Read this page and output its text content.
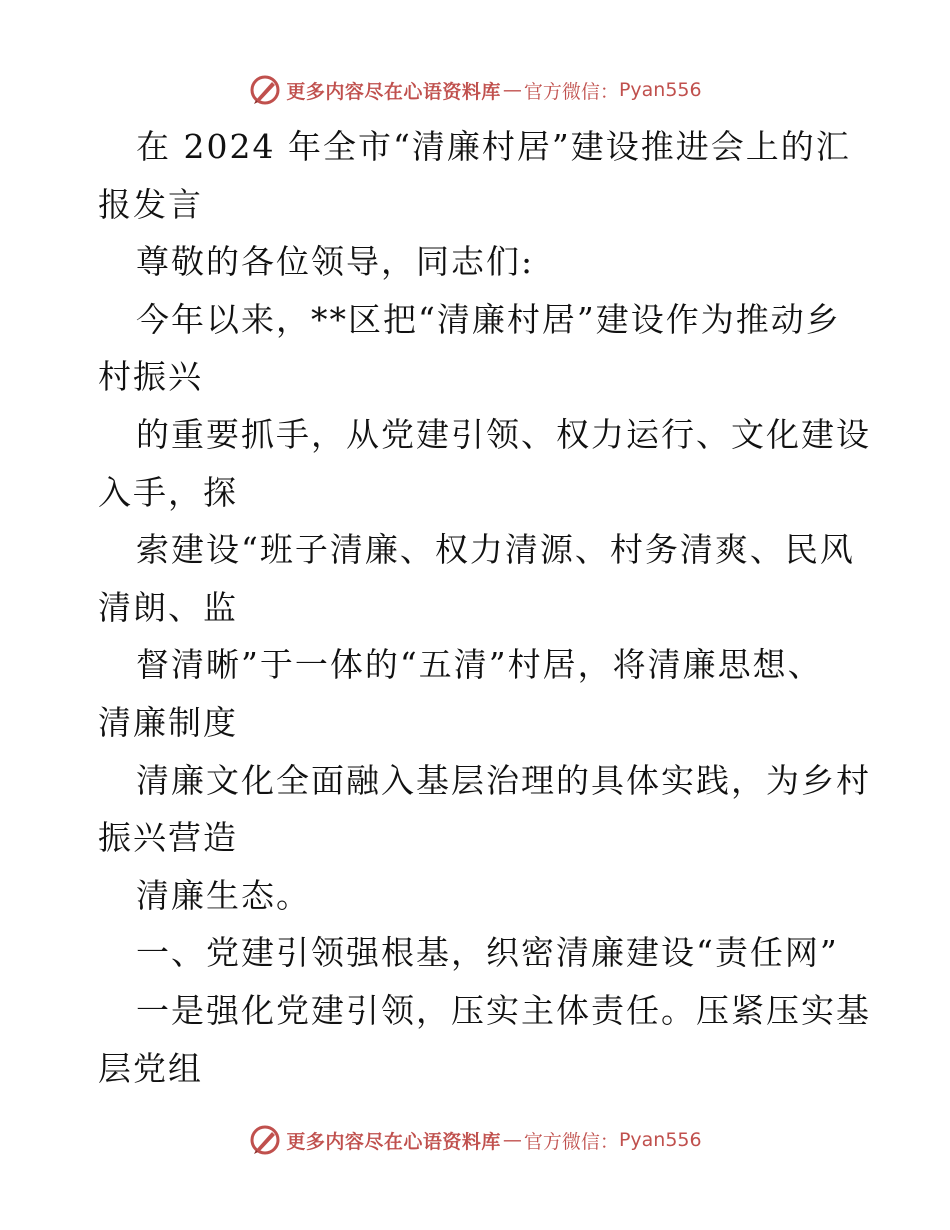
更多内容尽在心语资料库 — 官方微信： Pyan556
在 2024 年全市“清廉村居”建设推进会上的汇
报发言
尊敬的各位领导，同志们:
今年以来，**区把“清廉村居”建设作为推动乡
村振兴
的重要抓手，从党建引领、权力运行、文化建设
入手，探
索建设“班子清廉、权力清源、村务清爽、民风
清朗、监
督清晰”于一体的“五清”村居，将清廉思想、
清廉制度
清廉文化全面融入基层治理的具体实践，为乡村
振兴营造
清廉生态。
一、党建引领强根基，织密清廉建设“责任网”
一是强化党建引领，压实主体责任。压紧压实基
层党组
更多内容尽在心语资料库 — 官方微信： Pyan556
